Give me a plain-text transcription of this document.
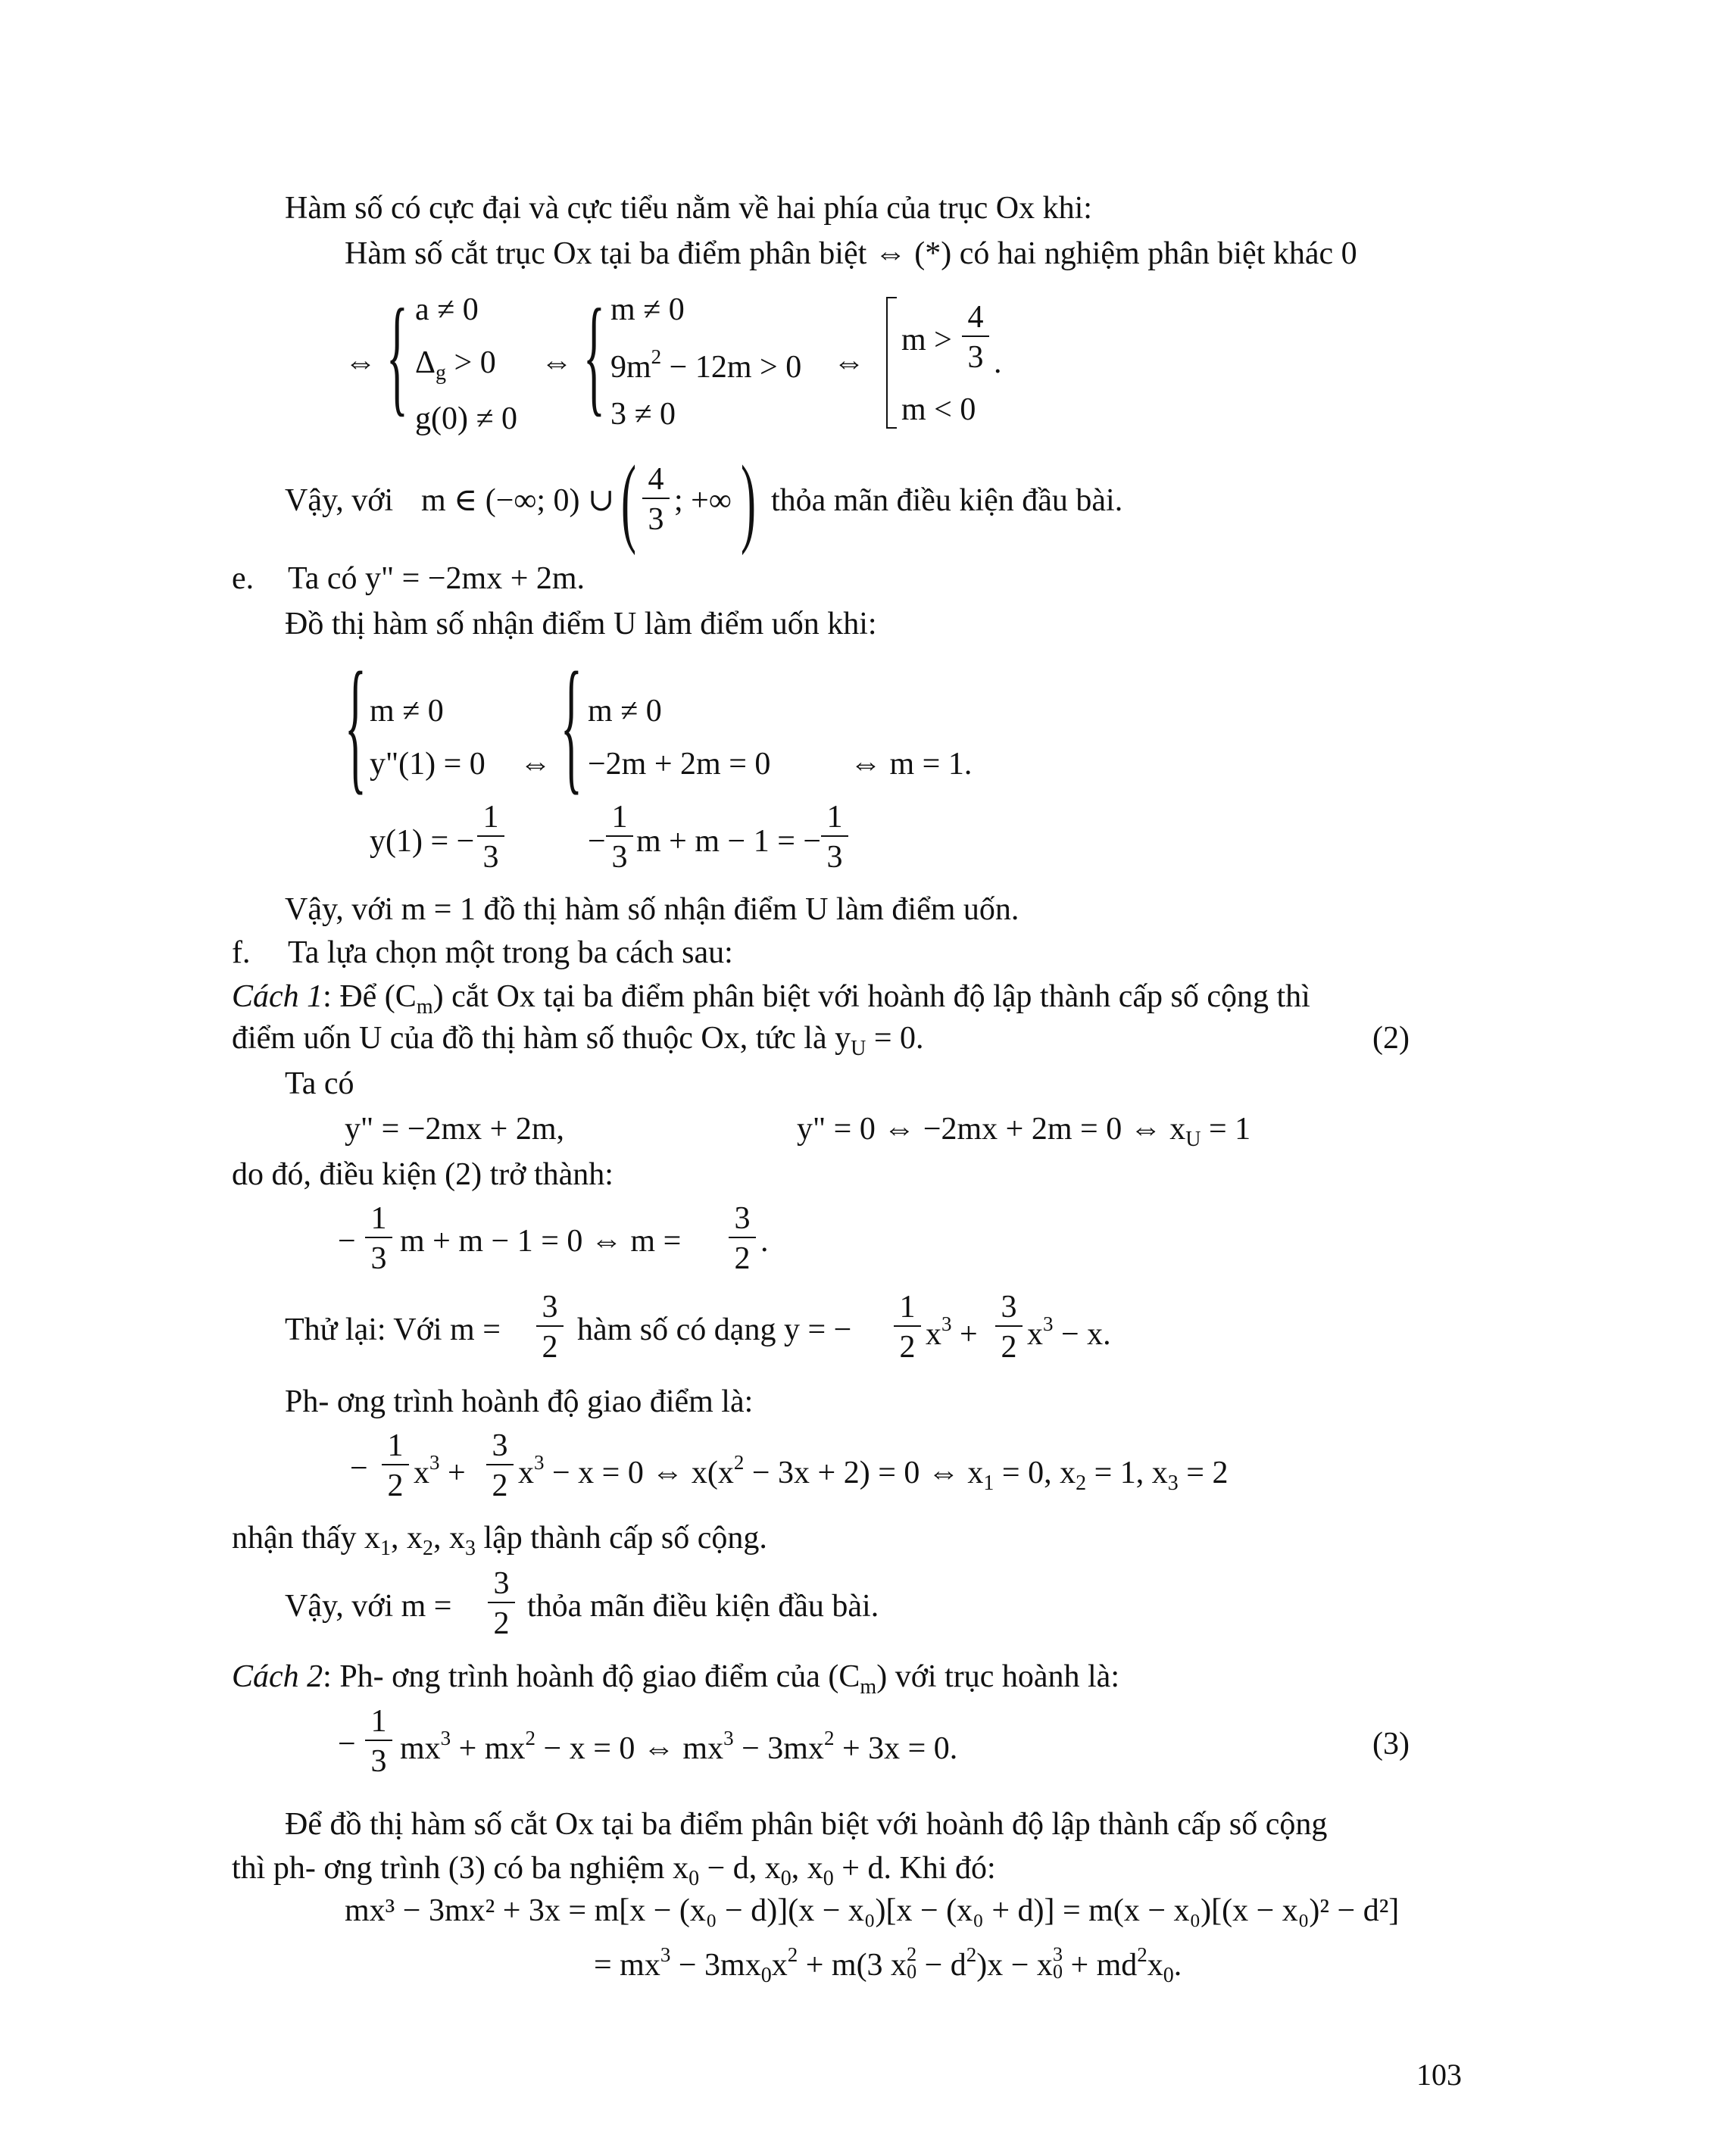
Hàm số có cực đại và cực tiểu nằm về hai phía của trục Ox khi:
Hàm số cắt trục Ox tại ba điểm phân biệt ⇔ (*) có hai nghiệm phân biệt khác 0
⇔ { a ≠ 0
$\Delta_g > 0$
g(0) ≠ 0
⇔ { m ≠ 0
$9m^2 - 12m > 0$
3 ≠ 0
⇔
m >
4
3 .
m < 0
Vậy, với m ∈ (−∞; 0) ∪ ( 4
3
; +∞ ) thỏa mãn điều kiện đầu bài.
e. Ta có y" = −2mx + 2m.
Đồ thị hàm số nhận điểm U làm điểm uốn khi:
{ m ≠ 0
y"(1) = 0
y(1) = −
1
3
⇔ { m ≠ 0
−2m + 2m = 0
−
1
3 m + m − 1 = −
1
3
⇔ m = 1.
Vậy, với m = 1 đồ thị hàm số nhận điểm U làm điểm uốn.
f. Ta lựa chọn một trong ba cách sau:
Cách 1: Để $(C_m)$ cắt Ox tại ba điểm phân biệt với hoành độ lập thành cấp số cộng thì
điểm uốn U của đồ thị hàm số thuộc Ox, tức là $y_U = 0$.	(2)
Ta có
y" = −2mx + 2m,	y" = 0 ⇔ −2mx + 2m = 0 ⇔ $x_U = 1$
do đó, điều kiện (2) trở thành:
−
1
3 m + m − 1 = 0 ⇔ m =
3
2 .
Thử lại: Với m =
3
2 hàm số có dạng y = −
1
2 $x^3$ +
3
2 $x^3 - x$.
Ph- ơng trình hoành độ giao điểm là:
−
1
2 $x^3$ +
3
2 $x^3 - x = 0$ ⇔ $x(x^2 - 3x + 2) = 0$ ⇔ $x_1 = 0$, $x_2 = 1$, $x_3 = 2$
nhận thấy $x_1$, $x_2$, $x_3$ lập thành cấp số cộng.
Vậy, với m =
3
2 thỏa mãn điều kiện đầu bài.
Cách 2: Ph- ơng trình hoành độ giao điểm của $(C_m)$ với trục hoành là:
−
1
3 $mx^3 + mx^2 - x = 0$ ⇔ $mx^3 - 3mx^2 + 3x = 0$.	(3)
Để đồ thị hàm số cắt Ox tại ba điểm phân biệt với hoành độ lập thành cấp số cộng
thì ph- ơng trình (3) có ba nghiệm $x_0 - d$, $x_0$, $x_0 + d$. Khi đó:
mx³ − 3mx² + 3x = m[x − (x₀ − d)](x − x₀)[x − (x₀ + d)] = m(x − x₀)[(x − x₀)² − d²]
= $mx^3 - 3mx_0x^2 + m(3$ x 2
$0 - d^2)x - x$ 3
$0 + md^2x_0$.
103
